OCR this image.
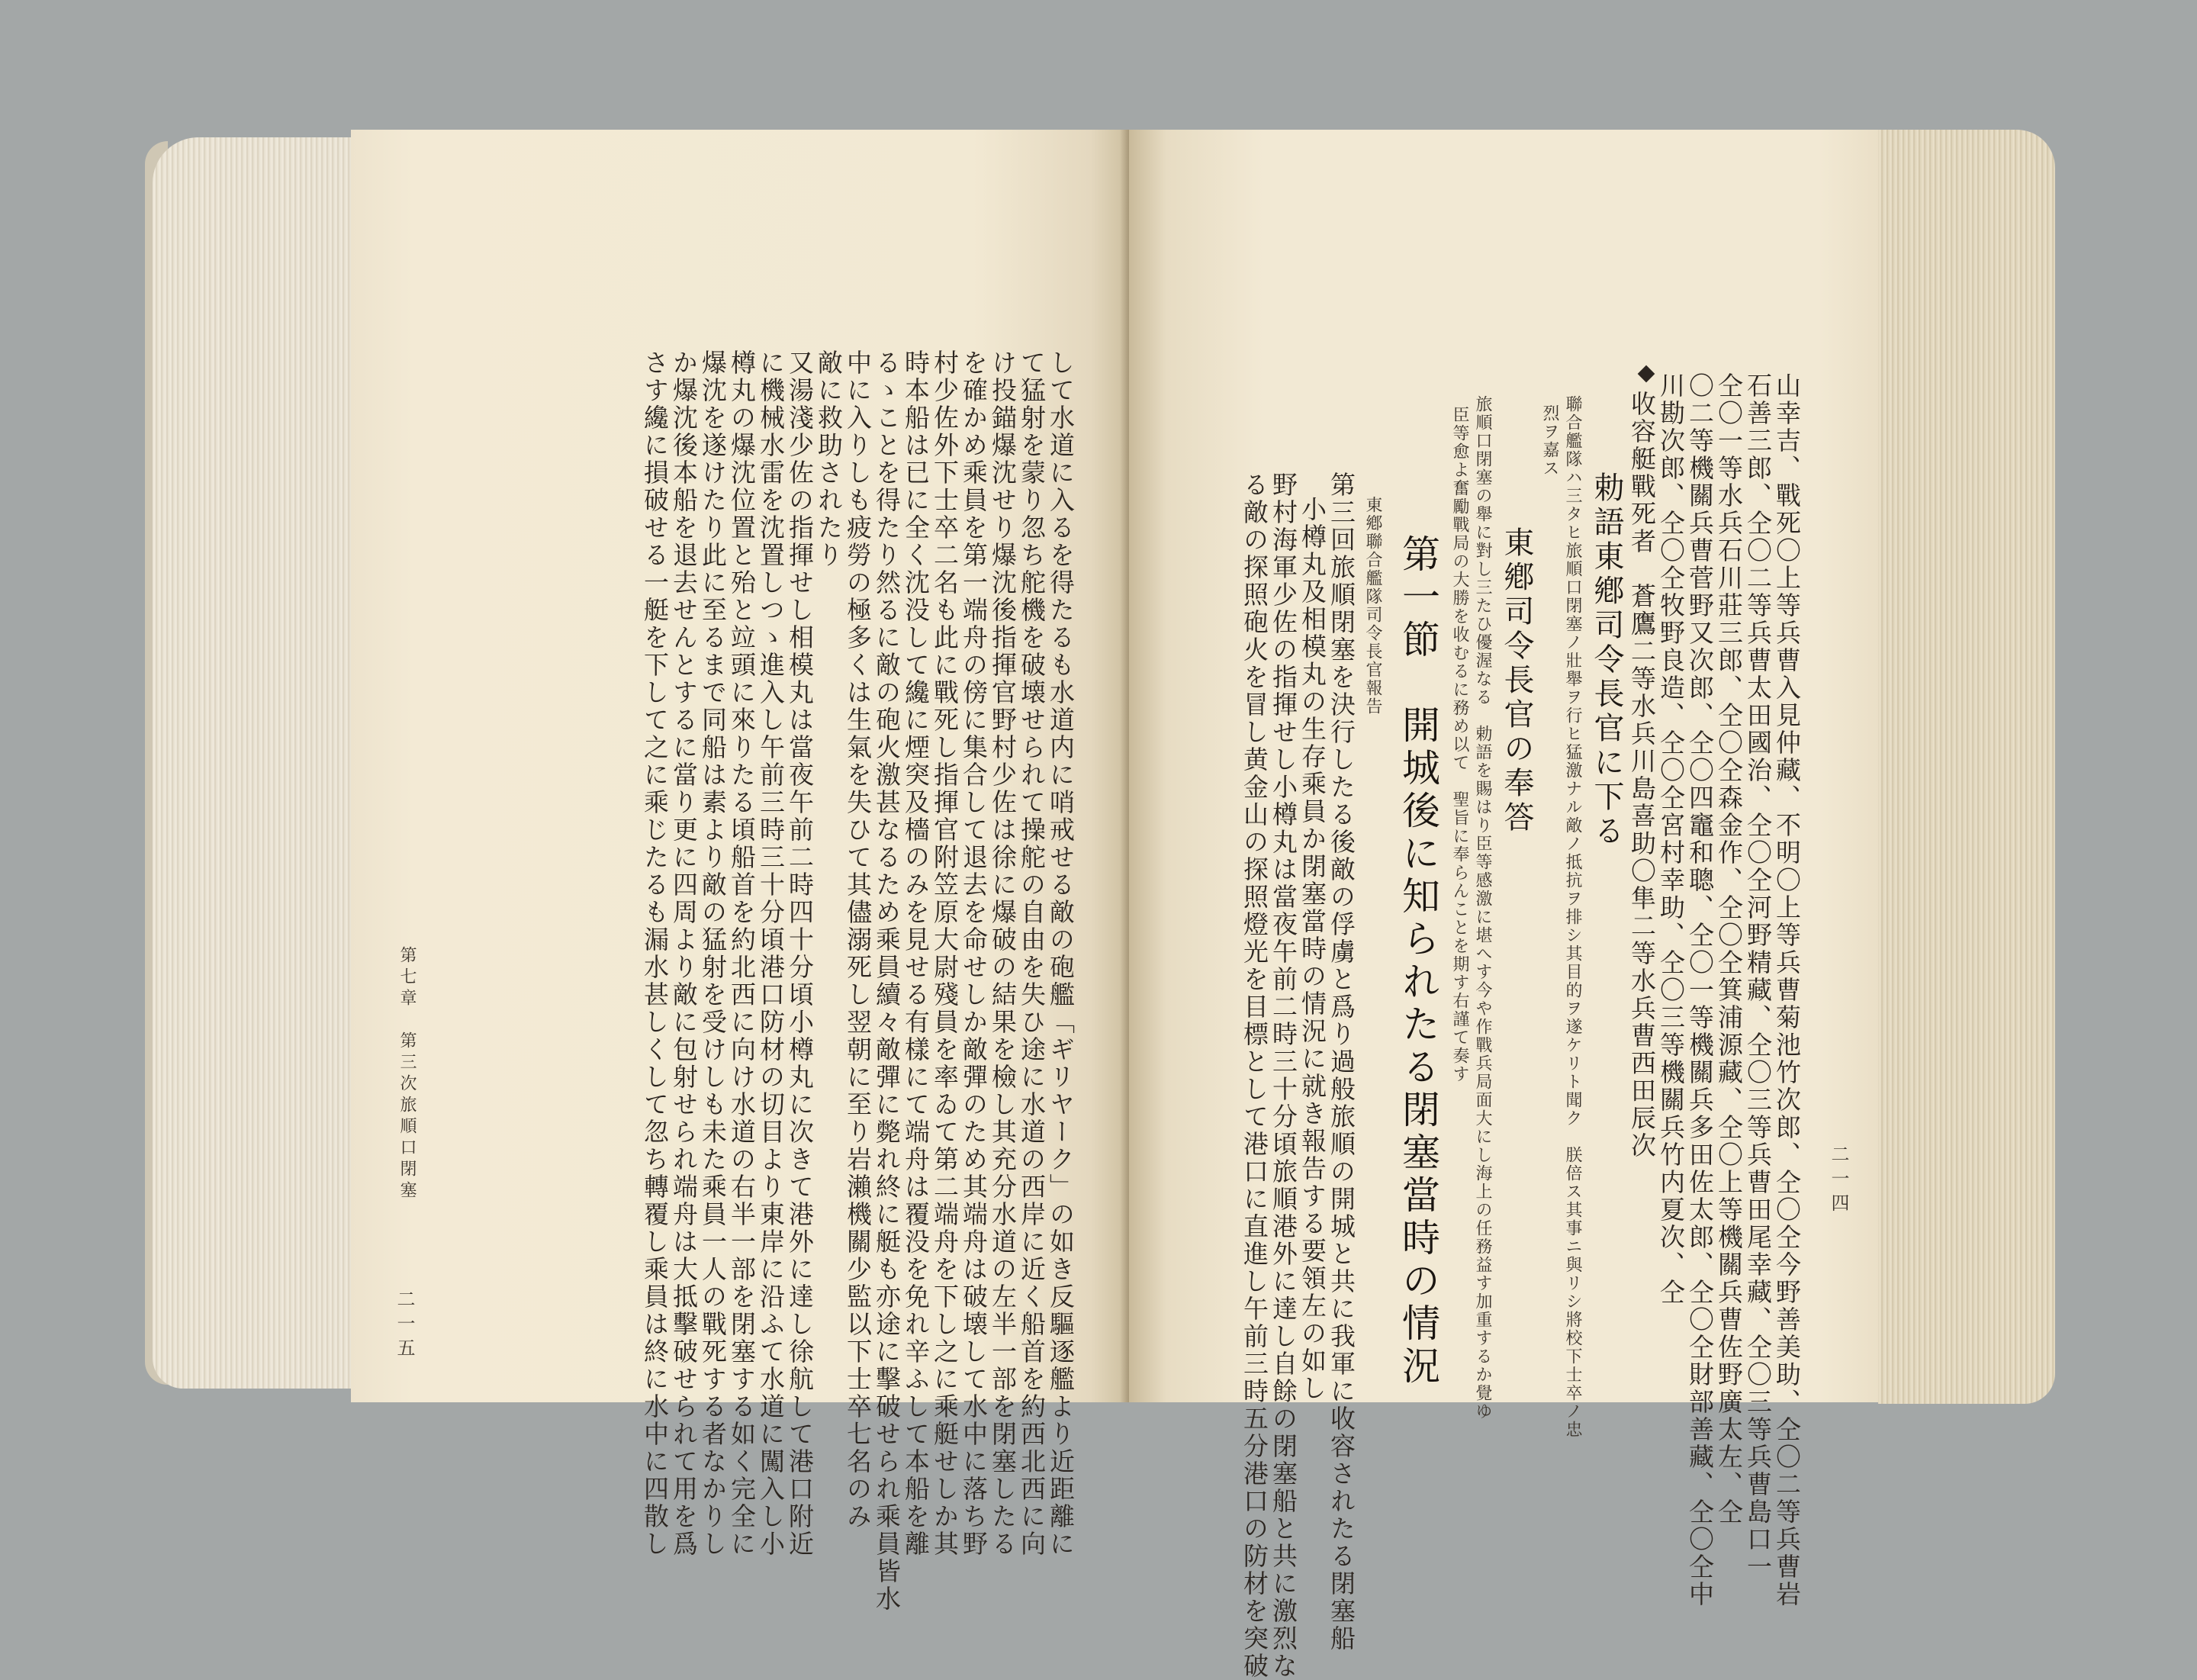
して水道に入るを得たるも水道内に哨戒せる敵の砲艦「ギリヤーク」の如き反驅逐艦より近距離に
て猛射を蒙り忽ち舵機を破壊せられて操舵の自由を失ひ途に水道の西岸に近く船首を約西北西に向
け投錨爆沈せり爆沈後指揮官野村少佐は徐に爆破の結果を檢し其充分水道の左半一部を閉塞したる
を確かめ乘員を第一端舟の傍に集合して退去を命せしか敵彈のため其端舟は破壊して水中に落ち野
村少佐外下士卒二名も此に戰死し指揮官附笠原大尉殘員を率ゐて第二端舟を下し之に乘艇せしか其
時本船は已に全く沈没して纔に煙突及檣のみを見せる有樣にて端舟は覆没を免れ辛ふして本船を離
るゝことを得たり然るに敵の砲火激甚なるため乘員續々敵彈に斃れ終に艇も亦途に擊破せられ乘員皆水
中に入りしも疲勞の極多くは生氣を失ひて其儘溺死し翌朝に至り岩瀨機關少監以下士卒七名のみ
敵に救助されたり
又湯淺少佐の指揮せし相模丸は當夜午前二時四十分頃小樽丸に次きて港外に達し徐航して港口附近
に機械水雷を沈置しつゝ進入し午前三時三十分頃港口防材の切目より東岸に沿ふて水道に闖入し小
樽丸の爆沈位置と殆と竝頭に來りたる頃船首を約北西に向け水道の右半一部を閉塞する如く完全に
爆沈を遂けたり此に至るまで同船は素より敵の猛射を受けしも未た乘員一人の戰死する者なかりし
か爆沈後本船を退去せんとするに當り更に四周より敵に包射せられ端舟は大抵擊破せられて用を爲
さす纔に損破せる一艇を下して之に乘じたるも漏水甚しくして忽ち轉覆し乘員は終に水中に四散し
第七章　第三次旅順口閉塞
二一五
二一四
山幸吉、戰死〇上等兵曹入見仲藏、不明〇上等兵曹菊池竹次郎、仝〇仝今野善美助、仝〇二等兵曹岩
石善三郎、仝〇二等兵曹太田國治、仝〇仝河野精藏、仝〇三等兵曹田尾幸藏、仝〇三等兵曹島口一
仝〇一等水兵石川莊三郎、仝〇仝森金作、仝〇仝箕浦源藏、仝〇上等機關兵曹佐野廣太左、仝
〇二等機關兵曹菅野又次郎、仝〇四竈和聰、仝〇一等機關兵多田佐太郎、仝〇仝財部善藏、仝〇仝中
川勘次郎、仝〇仝牧野良造、仝〇仝宮村幸助、仝〇三等機關兵竹内夏次、仝
收容艇戰死者　蒼鷹二等水兵川島喜助〇隼二等水兵曹西田辰次
勅語東鄕司令長官に下る
聯合艦隊ハ三タヒ旅順口閉塞ノ壯舉ヲ行ヒ猛激ナル敵ノ抵抗ヲ排シ其目的ヲ遂ケリト聞ク　朕倍ス其事ニ與リシ將校下士卒ノ忠
烈ヲ嘉ス
東鄕司令長官の奉答
旅順口閉塞の舉に對し三たひ優渥なる　勅語を賜はり臣等感激に堪へす今や作戰兵局面大にし海上の任務益す加重するか覺ゆ
臣等愈よ奮勵戰局の大勝を收むるに務め以て　聖旨に奉らんことを期す右謹て奏す
第一節　開城後に知られたる閉塞當時の情況
東鄕聯合艦隊司令長官報告
第三回旅順閉塞を決行したる後敵の俘虜と爲り過般旅順の開城と共に我軍に收容されたる閉塞船
小樽丸及相模丸の生存乘員か閉塞當時の情況に就き報告する要領左の如し
野村海軍少佐の指揮せし小樽丸は當夜午前二時三十分頃旅順港外に達し自餘の閉塞船と共に激烈な
る敵の探照砲火を冒し黄金山の探照燈光を目標として港口に直進し午前三時五分港口の防材を突破
